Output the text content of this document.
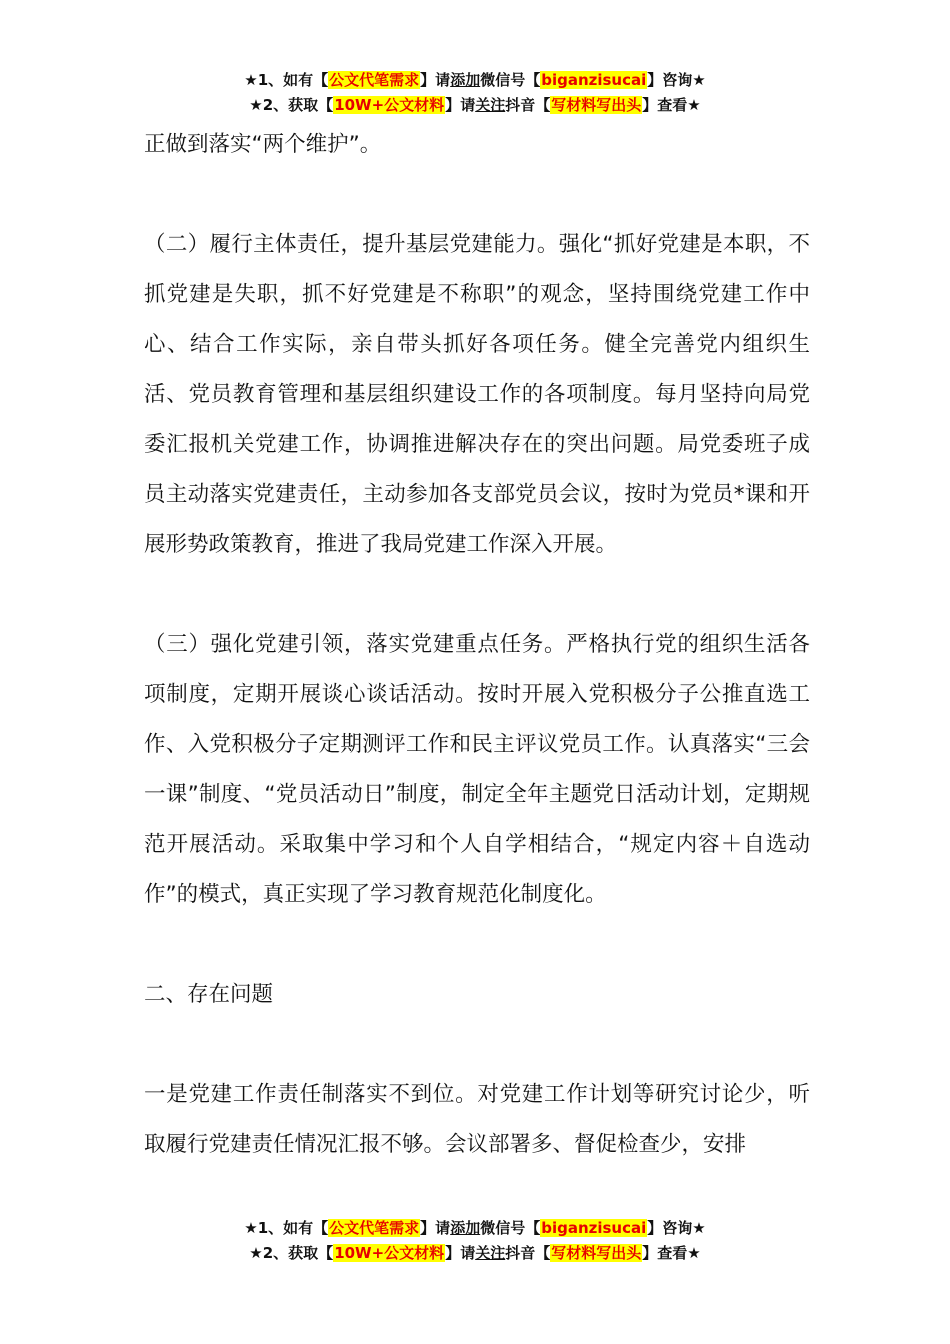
★1、如有【公文代笔需求】请添加微信号【biganzisucai】咨询★
★2、获取【10W+公文材料】请关注抖音【写材料写出头】查看★

正做到落实“两个维护”。

（二）履行主体责任，提升基层党建能力。强化“抓好党建是本职，不抓党建是失职，抓不好党建是不称职”的观念，坚持围绕党建工作中心、结合工作实际，亲自带头抓好各项任务。健全完善党内组织生活、党员教育管理和基层组织建设工作的各项制度。每月坚持向局党委汇报机关党建工作，协调推进解决存在的突出问题。局党委班子成员主动落实党建责任，主动参加各支部党员会议，按时为党员*课和开展形势政策教育，推进了我局党建工作深入开展。

（三）强化党建引领，落实党建重点任务。严格执行党的组织生活各项制度，定期开展谈心谈话活动。按时开展入党积极分子公推直选工作、入党积极分子定期测评工作和民主评议党员工作。认真落实“三会一课”制度、“党员活动日”制度，制定全年主题党日活动计划，定期规范开展活动。采取集中学习和个人自学相结合，“规定内容＋自选动作”的模式，真正实现了学习教育规范化制度化。

二、存在问题

一是党建工作责任制落实不到位。对党建工作计划等研究讨论少，听取履行党建责任情况汇报不够。会议部署多、督促检查少，安排

★1、如有【公文代笔需求】请添加微信号【biganzisucai】咨询★
★2、获取【10W+公文材料】请关注抖音【写材料写出头】查看★
